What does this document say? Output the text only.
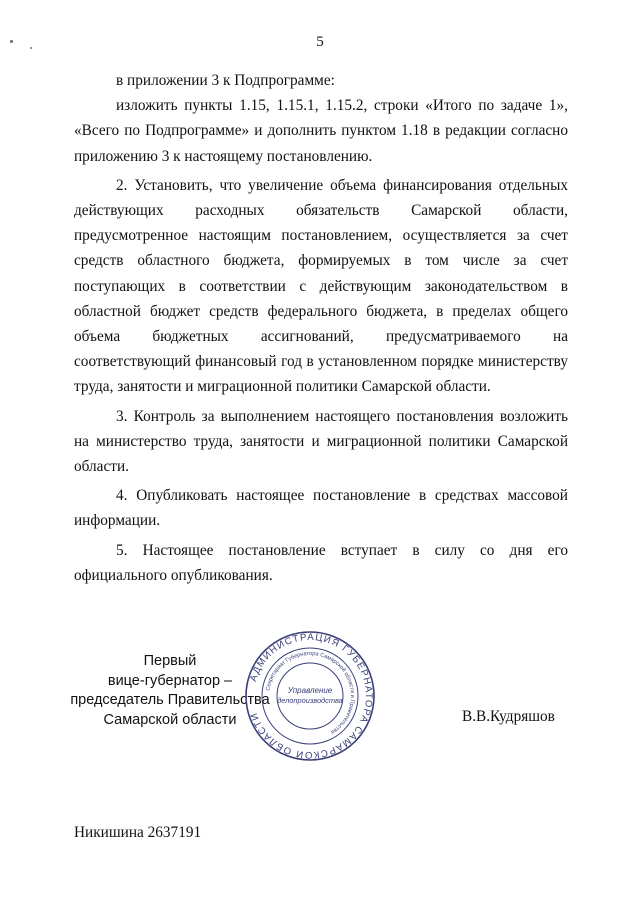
5

в приложении 3 к Подпрограмме:

изложить пункты 1.15, 1.15.1, 1.15.2, строки «Итого по задаче 1», «Всего по Подпрограмме» и дополнить пунктом 1.18 в редакции согласно приложению 3 к настоящему постановлению.

2. Установить, что увеличение объема финансирования отдельных действующих расходных обязательств Самарской области, предусмотренное настоящим постановлением, осуществляется за счет средств областного бюджета, формируемых в том числе за счет поступающих в соответствии с действующим законодательством в областной бюджет средств федерального бюджета, в пределах общего объема бюджетных ассигнований, предусматриваемого на соответствующий финансовый год в установленном порядке министерству труда, занятости и миграционной политики Самарской области.

3. Контроль за выполнением настоящего постановления возложить на министерство труда, занятости и миграционной политики Самарской области.

4. Опубликовать настоящее постановление в средствах массовой информации.

5. Настоящее постановление вступает в силу со дня его официального опубликования.

Первый
вице-губернатор –
председатель Правительства
Самарской области
АДМИНИСТРАЦИЯ ГУБЕРНАТОРА САМАРСКОЙ ОБЛАСТИ
Секретариат Губернатора Самарской области и Правительства
Управление
делопроизводства
В.В.Кудряшов
Никишина 2637191
